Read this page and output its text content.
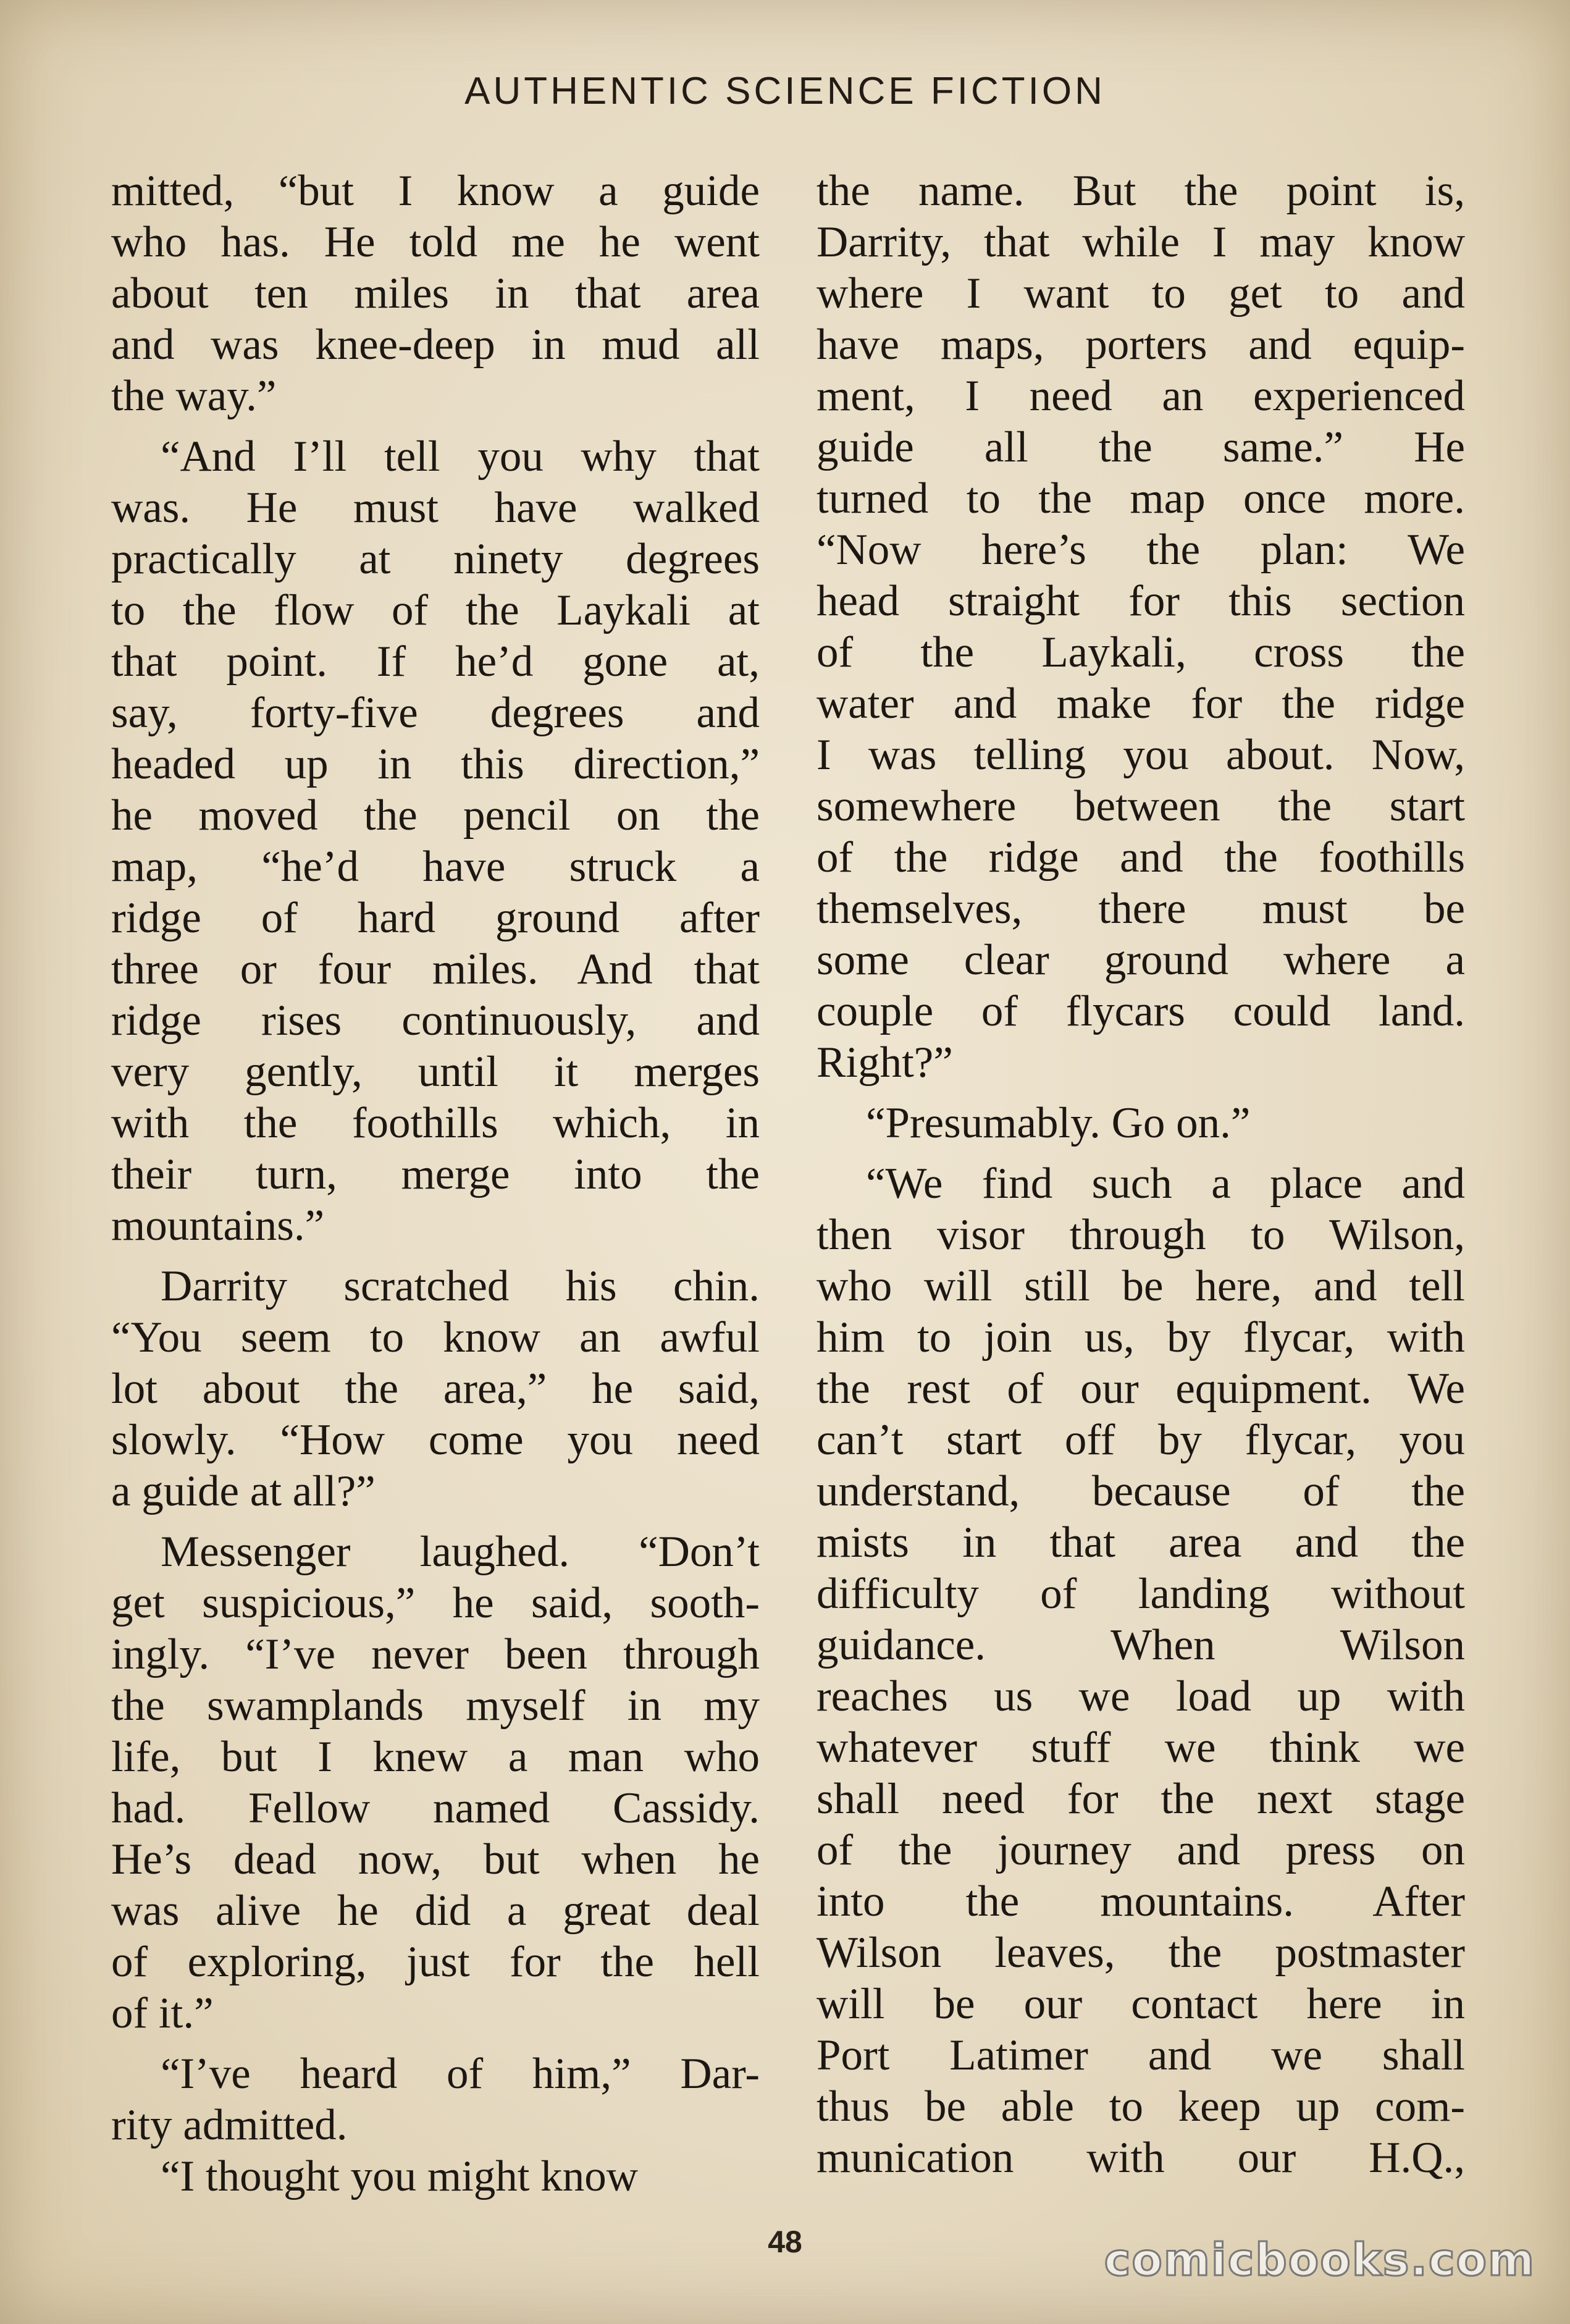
AUTHENTIC SCIENCE FICTION
mitted, “but I know a guide
who has. He told me he went
about ten miles in that area
and was knee-deep in mud all
the way.”
“And I’ll tell you why that
was. He must have walked
practically at ninety degrees
to the flow of the Laykali at
that point. If he’d gone at,
say, forty-five degrees and
headed up in this direction,”
he moved the pencil on the
map, “he’d have struck a
ridge of hard ground after
three or four miles. And that
ridge rises continuously, and
very gently, until it merges
with the foothills which, in
their turn, merge into the
mountains.”
Darrity scratched his chin.
“You seem to know an awful
lot about the area,” he said,
slowly. “How come you need
a guide at all?”
Messenger laughed. “Don’t
get suspicious,” he said, sooth-
ingly. “I’ve never been through
the swamplands myself in my
life, but I knew a man who
had. Fellow named Cassidy.
He’s dead now, but when he
was alive he did a great deal
of exploring, just for the hell
of it.”
“I’ve heard of him,” Dar-
rity admitted.
“I thought you might know
the name. But the point is,
Darrity, that while I may know
where I want to get to and
have maps, porters and equip-
ment, I need an experienced
guide all the same.” He
turned to the map once more.
“Now here’s the plan: We
head straight for this section
of the Laykali, cross the
water and make for the ridge
I was telling you about. Now,
somewhere between the start
of the ridge and the foothills
themselves, there must be
some clear ground where a
couple of flycars could land.
Right?”
“Presumably. Go on.”
“We find such a place and
then visor through to Wilson,
who will still be here, and tell
him to join us, by flycar, with
the rest of our equipment. We
can’t start off by flycar, you
understand, because of the
mists in that area and the
difficulty of landing without
guidance. When Wilson
reaches us we load up with
whatever stuff we think we
shall need for the next stage
of the journey and press on
into the mountains. After
Wilson leaves, the postmaster
will be our contact here in
Port Latimer and we shall
thus be able to keep up com-
munication with our H.Q.,
48	comicbooks.com
